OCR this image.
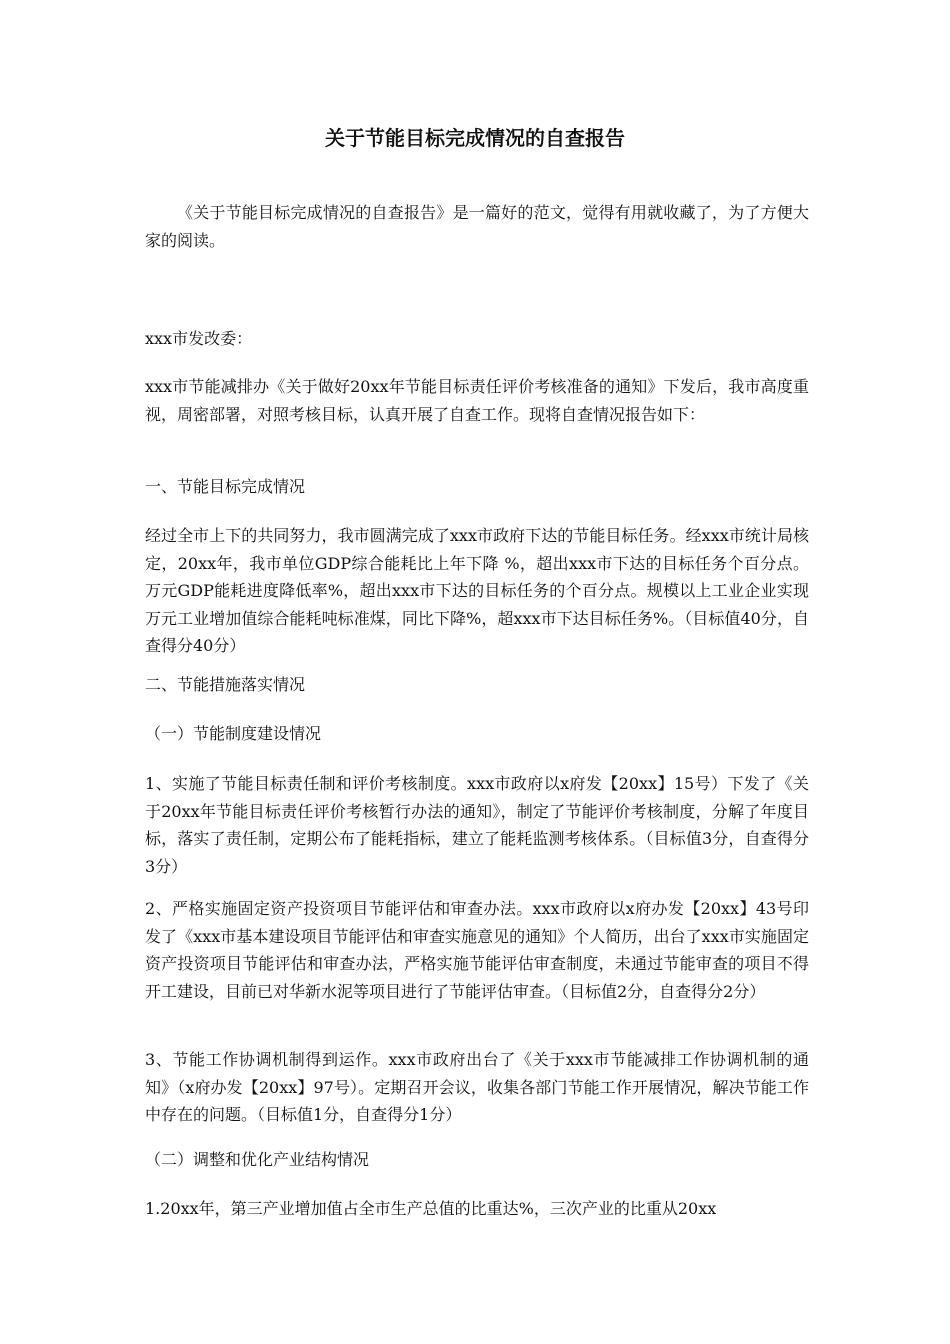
关于节能目标完成情况的自查报告

《关于节能目标完成情况的自查报告》是一篇好的范文，觉得有用就收藏了，为了方便大家的阅读。

xxx市发改委：

xxx市节能减排办《关于做好20xx年节能目标责任评价考核准备的通知》下发后，我市高度重视，周密部署，对照考核目标，认真开展了自查工作。现将自查情况报告如下：

一、节能目标完成情况

经过全市上下的共同努力，我市圆满完成了xxx市政府下达的节能目标任务。经xxx市统计局核定，20xx年，我市单位GDP综合能耗比上年下降 %，超出xxx市下达的目标任务个百分点。万元GDP能耗进度降低率%，超出xxx市下达的目标任务的个百分点。规模以上工业企业实现万元工业增加值综合能耗吨标准煤，同比下降%，超xxx市下达目标任务%。（目标值40分，自查得分40分）

二、节能措施落实情况

（一）节能制度建设情况

1、实施了节能目标责任制和评价考核制度。xxx市政府以x府发【20xx】15号）下发了《关于20xx年节能目标责任评价考核暂行办法的通知》，制定了节能评价考核制度，分解了年度目标，落实了责任制，定期公布了能耗指标，建立了能耗监测考核体系。（目标值3分，自查得分3分）

2、严格实施固定资产投资项目节能评估和审查办法。xxx市政府以x府办发【20xx】43号印发了《xxx市基本建设项目节能评估和审查实施意见的通知》个人简历，出台了xxx市实施固定资产投资项目节能评估和审查办法，严格实施节能评估审查制度，未通过节能审查的项目不得开工建设，目前已对华新水泥等项目进行了节能评估审查。（目标值2分，自查得分2分）

3、节能工作协调机制得到运作。xxx市政府出台了《关于xxx市节能减排工作协调机制的通知》（x府办发【20xx】97号）。定期召开会议，收集各部门节能工作开展情况，解决节能工作中存在的问题。（目标值1分，自查得分1分）

（二）调整和优化产业结构情况

1.20xx年，第三产业增加值占全市生产总值的比重达%，三次产业的比重从20xx
